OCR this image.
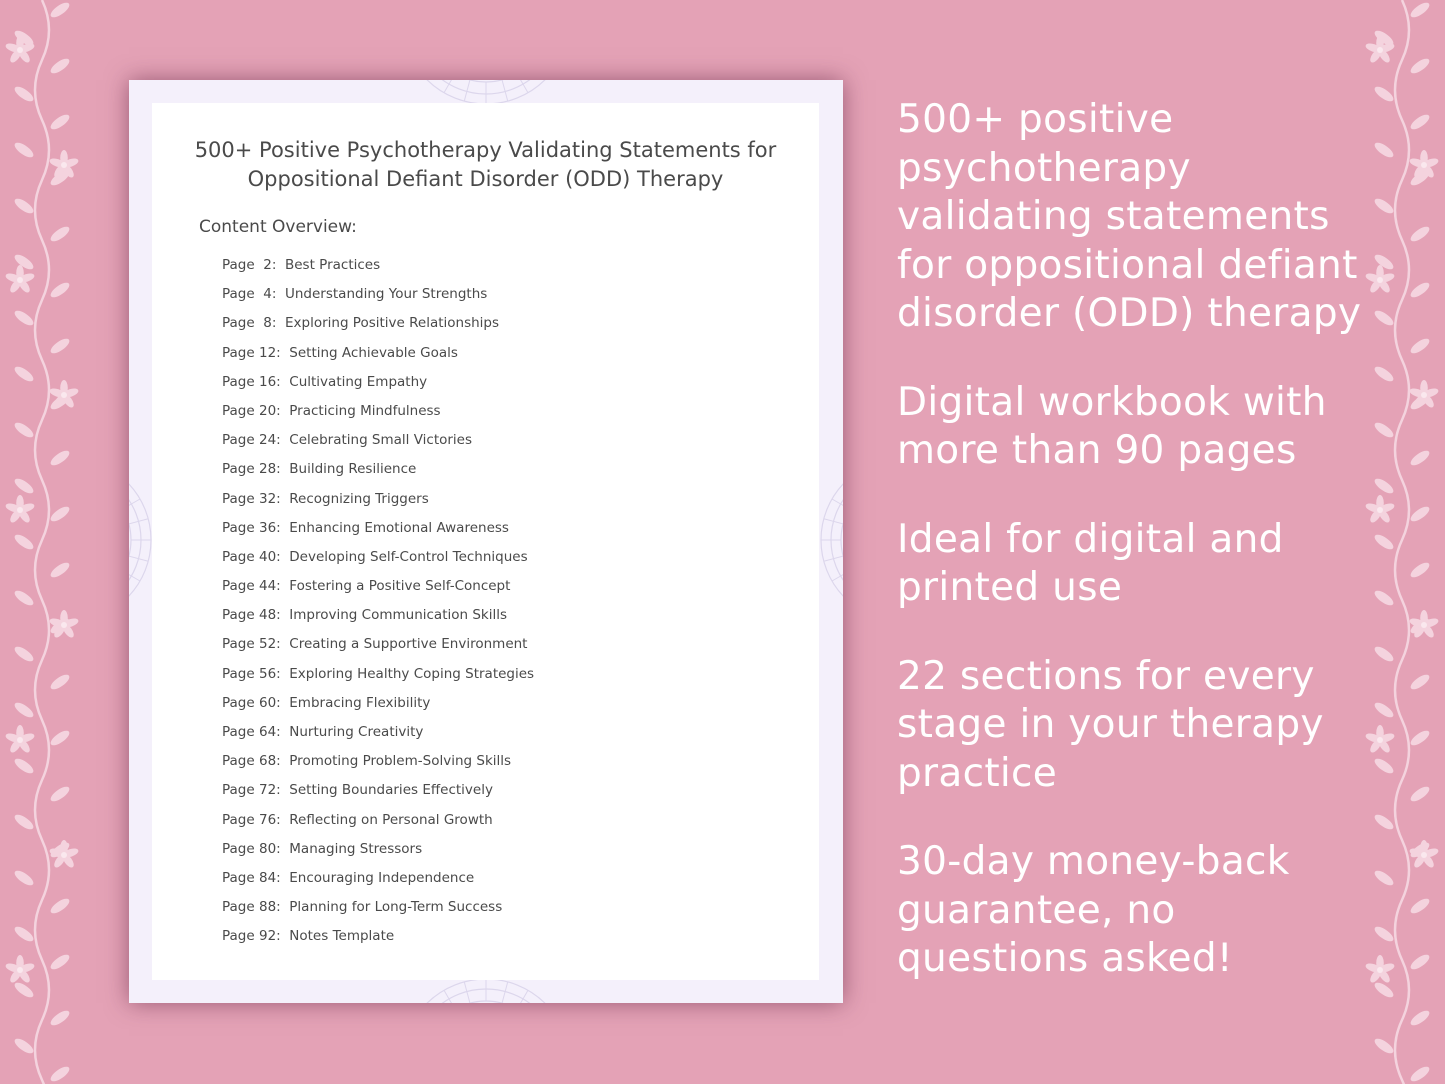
500+ Positive Psychotherapy Validating Statements for Oppositional Defiant Disorder (ODD) Therapy
Content Overview:
Page  2:  Best Practices
Page  4:  Understanding Your Strengths
Page  8:  Exploring Positive Relationships
Page 12:  Setting Achievable Goals
Page 16:  Cultivating Empathy
Page 20:  Practicing Mindfulness
Page 24:  Celebrating Small Victories
Page 28:  Building Resilience
Page 32:  Recognizing Triggers
Page 36:  Enhancing Emotional Awareness
Page 40:  Developing Self-Control Techniques
Page 44:  Fostering a Positive Self-Concept
Page 48:  Improving Communication Skills
Page 52:  Creating a Supportive Environment
Page 56:  Exploring Healthy Coping Strategies
Page 60:  Embracing Flexibility
Page 64:  Nurturing Creativity
Page 68:  Promoting Problem-Solving Skills
Page 72:  Setting Boundaries Effectively
Page 76:  Reflecting on Personal Growth
Page 80:  Managing Stressors
Page 84:  Encouraging Independence
Page 88:  Planning for Long-Term Success
Page 92:  Notes Template
500+ positive psychotherapy validating statements for oppositional defiant disorder (ODD) therapy
Digital workbook with more than 90 pages
Ideal for digital and printed use
22 sections for every stage in your therapy practice
30-day money-back guarantee, no questions asked!
